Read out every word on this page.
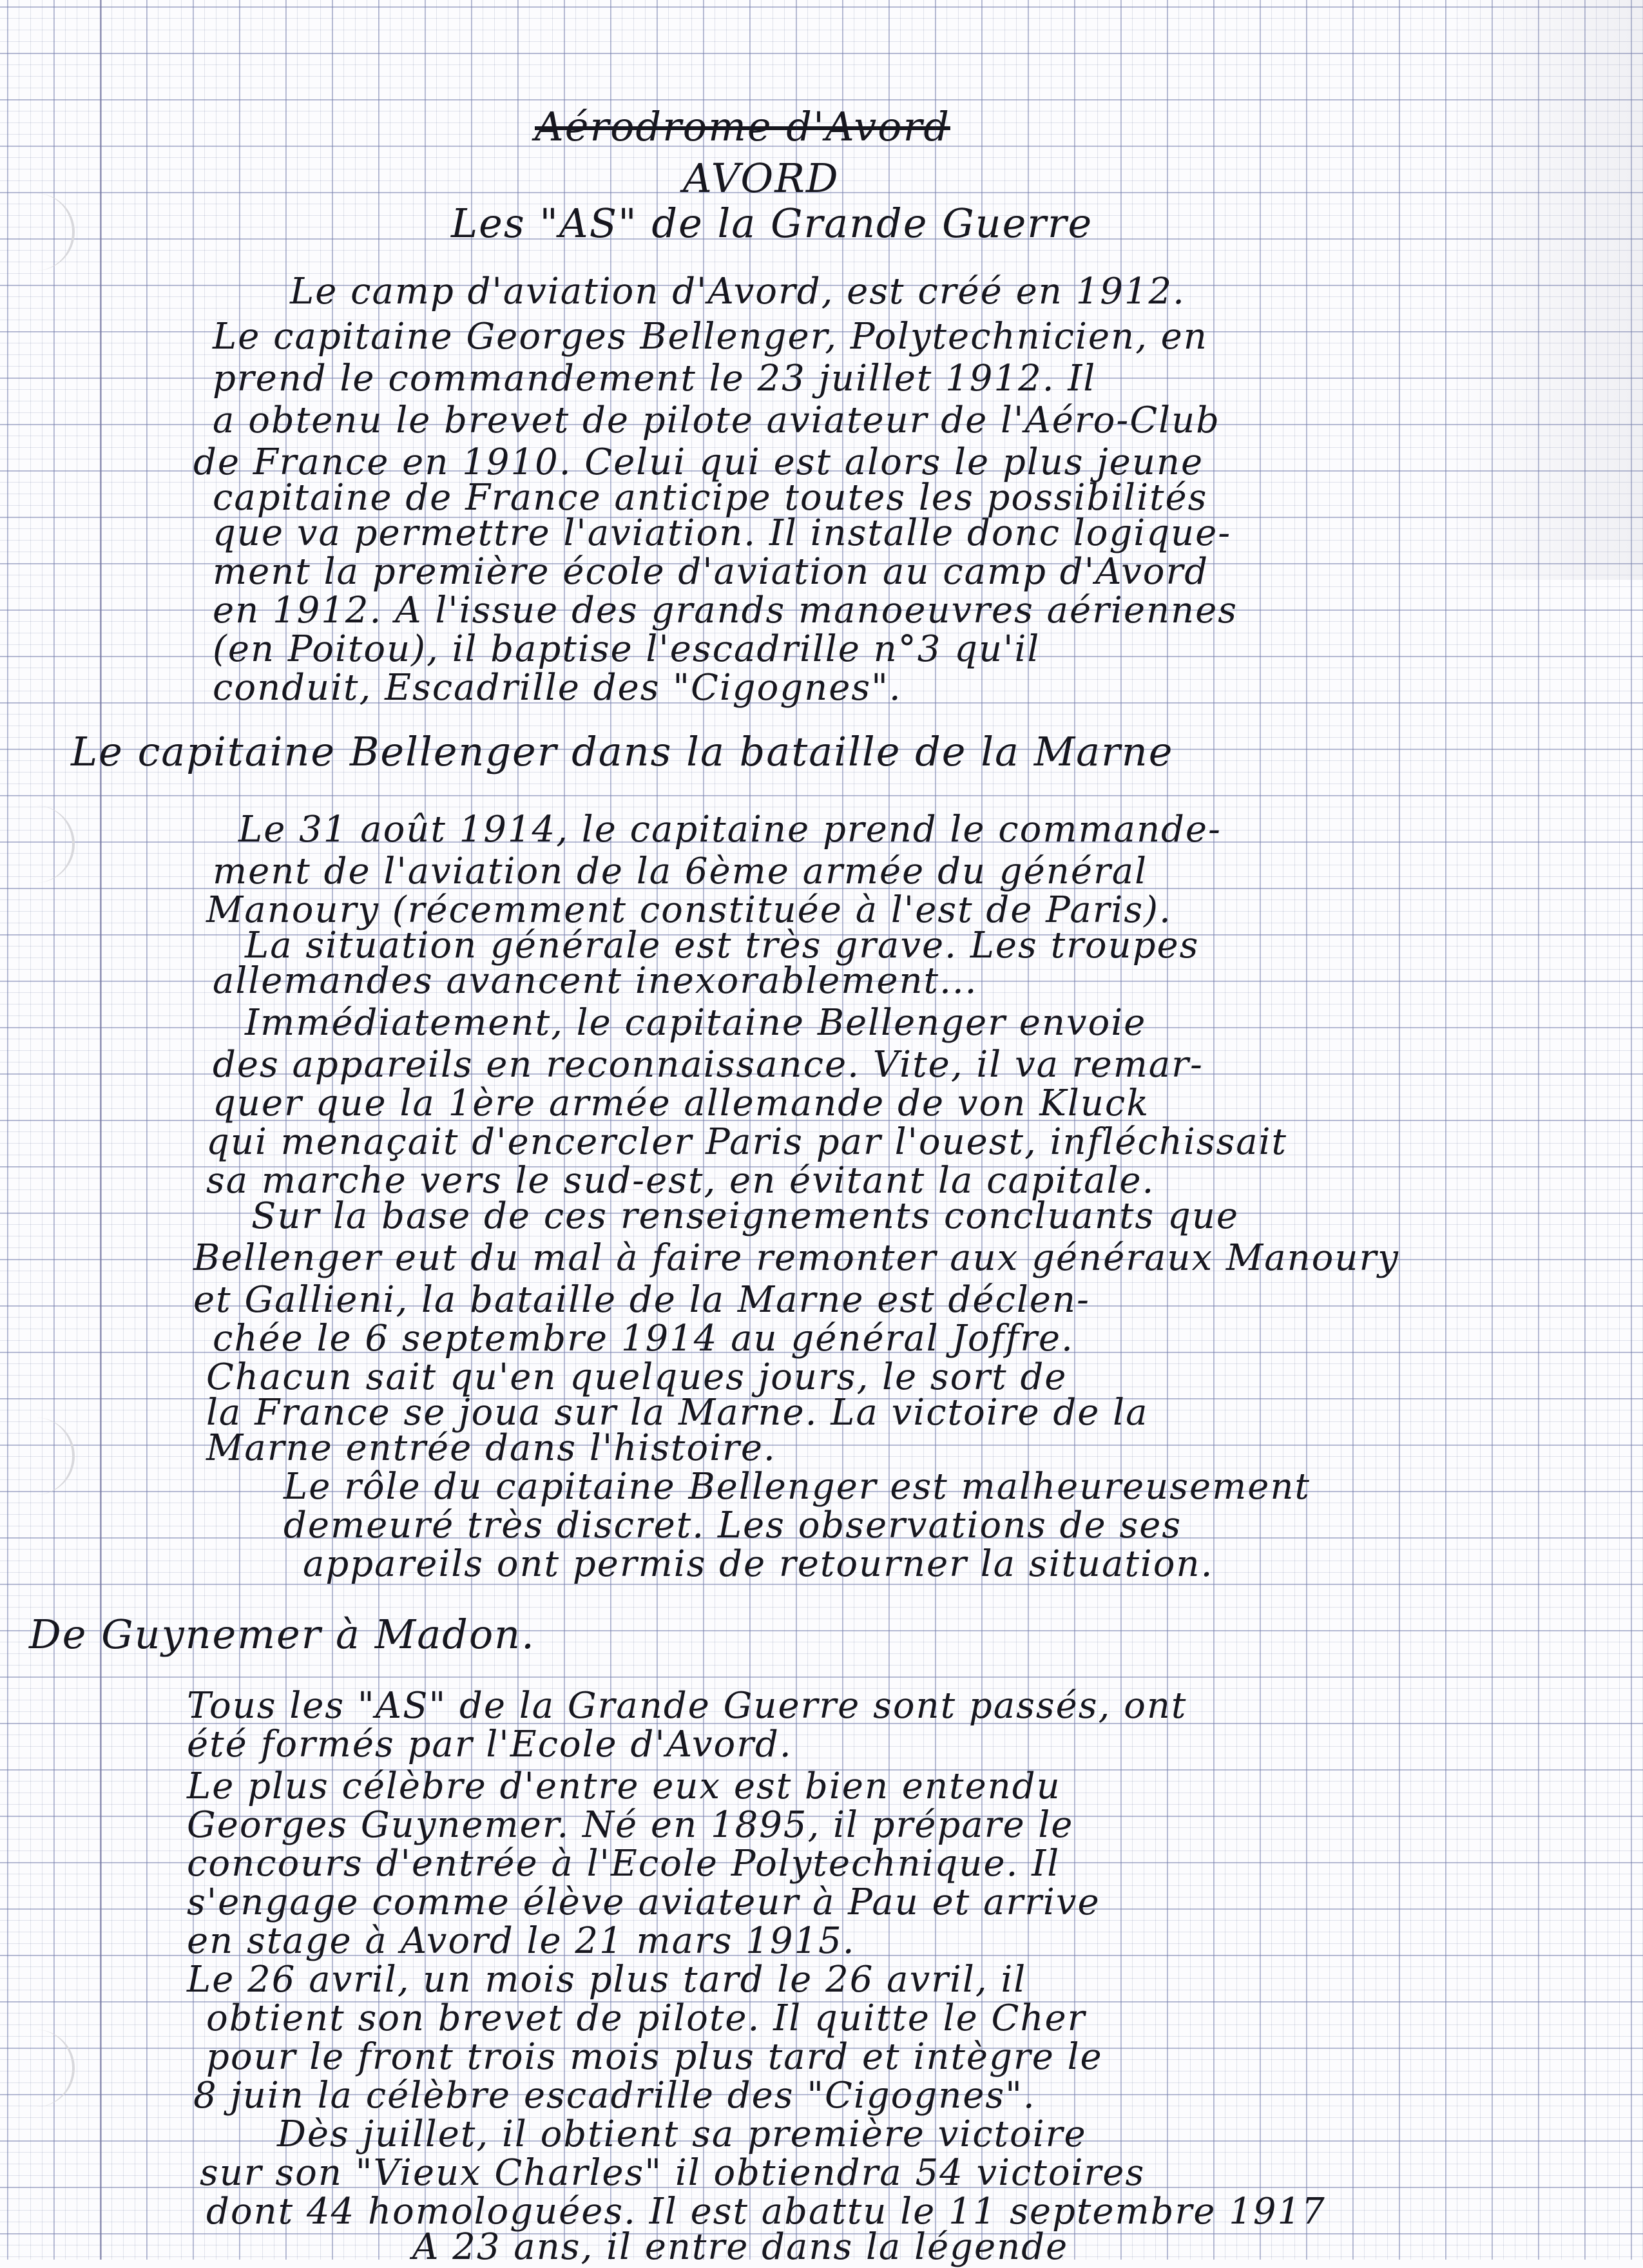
Aérodrome d'Avord
AVORD
Les "AS" de la Grande Guerre
Le camp d'aviation d'Avord, est créé en 1912.
Le capitaine Georges Bellenger, Polytechnicien, en
prend le commandement le 23 juillet 1912. Il
a obtenu le brevet de pilote aviateur de l'Aéro-Club
de France en 1910. Celui qui est alors le plus jeune
capitaine de France anticipe toutes les possibilités
que va permettre l'aviation. Il installe donc logique-
ment la première école d'aviation au camp d'Avord
en 1912. A l'issue des grands manoeuvres aériennes
(en Poitou), il baptise l'escadrille n°3 qu'il
conduit, Escadrille des "Cigognes".
Le capitaine Bellenger dans la bataille de la Marne
Le 31 août 1914, le capitaine prend le commande-
ment de l'aviation de la 6ème armée du général
Manoury (récemment constituée à l'est de Paris).
La situation générale est très grave. Les troupes
allemandes avancent inexorablement...
Immédiatement, le capitaine Bellenger envoie
des appareils en reconnaissance. Vite, il va remar-
quer que la 1ère armée allemande de von Kluck
qui menaçait d'encercler Paris par l'ouest, infléchissait
sa marche vers le sud-est, en évitant la capitale.
Sur la base de ces renseignements concluants que
Bellenger eut du mal à faire remonter aux généraux Manoury
et Gallieni, la bataille de la Marne est déclen-
chée le 6 septembre 1914 au général Joffre.
Chacun sait qu'en quelques jours, le sort de
la France se joua sur la Marne. La victoire de la
Marne entrée dans l'histoire.
Le rôle du capitaine Bellenger est malheureusement
demeuré très discret. Les observations de ses
appareils ont permis de retourner la situation.
De Guynemer à Madon.
Tous les "AS" de la Grande Guerre sont passés, ont
été formés par l'Ecole d'Avord.
Le plus célèbre d'entre eux est bien entendu
Georges Guynemer. Né en 1895, il prépare le
concours d'entrée à l'Ecole Polytechnique. Il
s'engage comme élève aviateur à Pau et arrive
en stage à Avord le 21 mars 1915.
Le 26 avril, un mois plus tard le 26 avril, il
obtient son brevet de pilote. Il quitte le Cher
pour le front trois mois plus tard et intègre le
8 juin la célèbre escadrille des "Cigognes".
Dès juillet, il obtient sa première victoire
sur son "Vieux Charles" il obtiendra 54 victoires
dont 44 homologuées. Il est abattu le 11 septembre 1917
A 23 ans, il entre dans la légende
